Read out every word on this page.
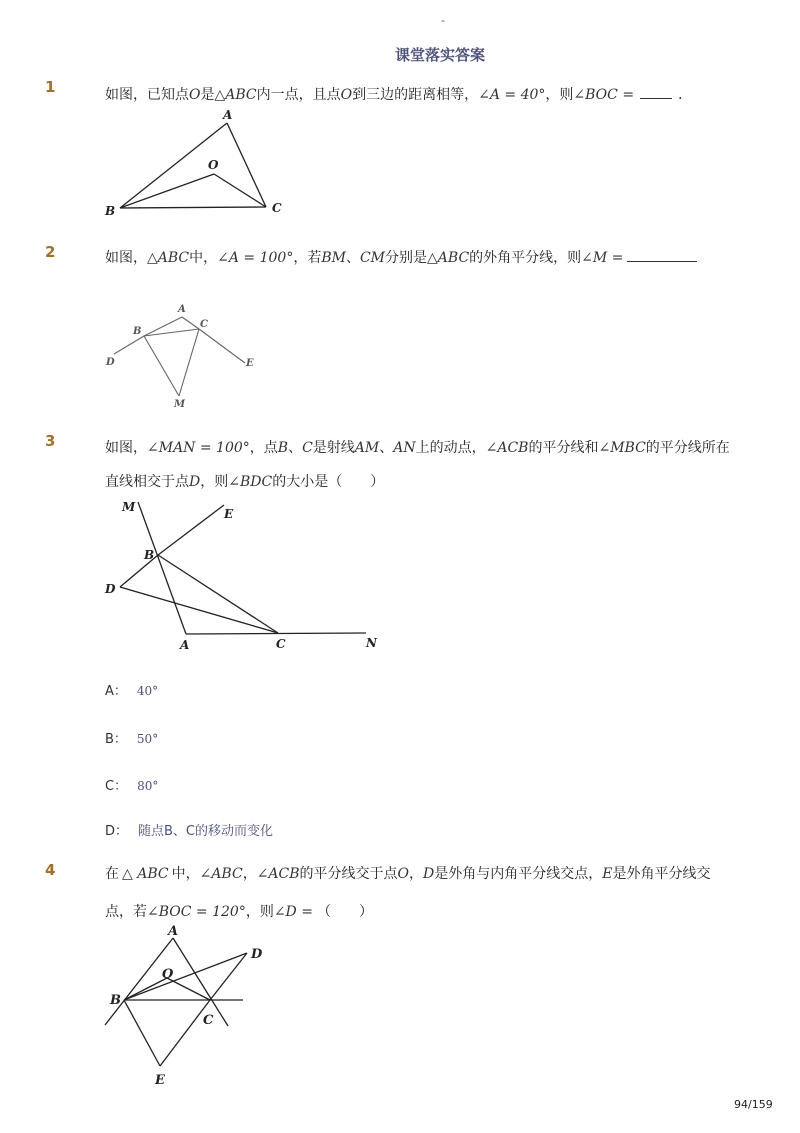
-
课堂落实答案
1	如图，已知点O是△ABC内一点，且点O到三边的距离相等，∠A = 40°，则∠BOC =	．
A
O
B	C
2	如图，△ABC中，∠A = 100°，若BM、CM分别是△ABC的外角平分线，则∠M =
A
B
C
D	E
M
3	如图，∠MAN = 100°，点B、C是射线AM、AN上的动点，∠ACB的平分线和∠MBC的平分线所在
直线相交于点D，则∠BDC的大小是（　　）
M	E
B
D
A	C	N
A： 40°
B： 50°
C： 80°
D： 随点B、C的移动而变化
4	在 △ ABC 中，∠ABC，∠ACB的平分线交于点O，D是外角与内角平分线交点，E是外角平分线交
点，若∠BOC = 120°，则∠D = （　　）
A
D
O
B
C
E
94/159
